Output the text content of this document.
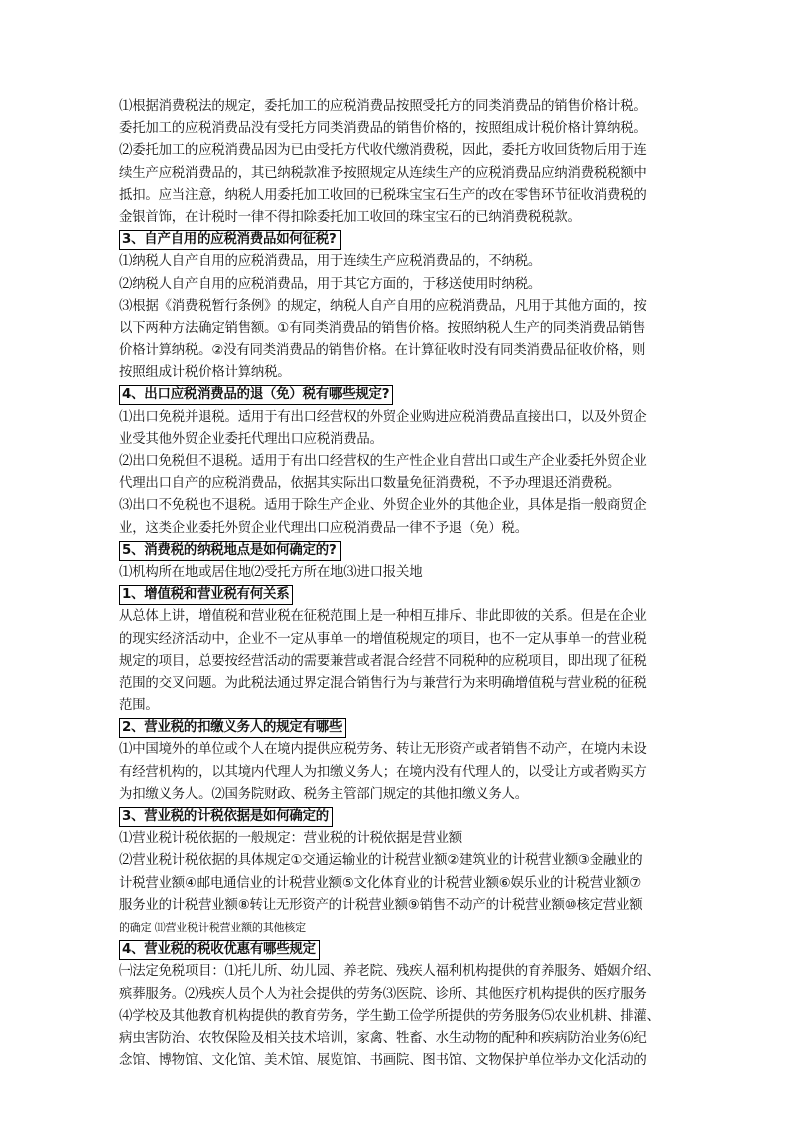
⑴根据消费税法的规定，委托加工的应税消费品按照受托方的同类消费品的销售价格计税。
委托加工的应税消费品没有受托方同类消费品的销售价格的，按照组成计税价格计算纳税。
⑵委托加工的应税消费品因为已由受托方代收代缴消费税，因此，委托方收回货物后用于连
续生产应税消费品的，其已纳税款准予按照规定从连续生产的应税消费品应纳消费税税额中
抵扣。应当注意，纳税人用委托加工收回的已税珠宝宝石生产的改在零售环节征收消费税的
金银首饰，在计税时一律不得扣除委托加工收回的珠宝宝石的已纳消费税税款。
3、自产自用的应税消费品如何征税?
⑴纳税人自产自用的应税消费品，用于连续生产应税消费品的，不纳税。
⑵纳税人自产自用的应税消费品，用于其它方面的，于移送使用时纳税。
⑶根据《消费税暂行条例》的规定，纳税人自产自用的应税消费品，凡用于其他方面的，按
以下两种方法确定销售额。①有同类消费品的销售价格。按照纳税人生产的同类消费品销售
价格计算纳税。②没有同类消费品的销售价格。在计算征收时没有同类消费品征收价格，则
按照组成计税价格计算纳税。
4、出口应税消费品的退（免）税有哪些规定?
⑴出口免税并退税。适用于有出口经营权的外贸企业购进应税消费品直接出口，以及外贸企
业受其他外贸企业委托代理出口应税消费品。
⑵出口免税但不退税。适用于有出口经营权的生产性企业自营出口或生产企业委托外贸企业
代理出口自产的应税消费品，依据其实际出口数量免征消费税，不予办理退还消费税。
⑶出口不免税也不退税。适用于除生产企业、外贸企业外的其他企业，具体是指一般商贸企
业，这类企业委托外贸企业代理出口应税消费品一律不予退（免）税。
5、消费税的纳税地点是如何确定的?
⑴机构所在地或居住地⑵受托方所在地⑶进口报关地
1、增值税和营业税有何关系
从总体上讲，增值税和营业税在征税范围上是一种相互排斥、非此即彼的关系。但是在企业
的现实经济活动中，企业不一定从事单一的增值税规定的项目，也不一定从事单一的营业税
规定的项目，总要按经营活动的需要兼营或者混合经营不同税种的应税项目，即出现了征税
范围的交叉问题。为此税法通过界定混合销售行为与兼营行为来明确增值税与营业税的征税
范围。
2、营业税的扣缴义务人的规定有哪些
⑴中国境外的单位或个人在境内提供应税劳务、转让无形资产或者销售不动产，在境内未设
有经营机构的，以其境内代理人为扣缴义务人；在境内没有代理人的，以受让方或者购买方
为扣缴义务人。⑵国务院财政、税务主管部门规定的其他扣缴义务人。
3、营业税的计税依据是如何确定的
⑴营业税计税依据的一般规定：营业税的计税依据是营业额
⑵营业税计税依据的具体规定①交通运输业的计税营业额②建筑业的计税营业额③金融业的
计税营业额④邮电通信业的计税营业额⑤文化体育业的计税营业额⑥娱乐业的计税营业额⑦
服务业的计税营业额⑧转让无形资产的计税营业额⑨销售不动产的计税营业额⑩核定营业额
的确定 ⑾营业税计税营业额的其他核定
4、营业税的税收优惠有哪些规定
㈠法定免税项目：⑴托儿所、幼儿园、养老院、残疾人福利机构提供的育养服务、婚姻介绍、
殡葬服务。⑵残疾人员个人为社会提供的劳务⑶医院、诊所、其他医疗机构提供的医疗服务
⑷学校及其他教育机构提供的教育劳务，学生勤工俭学所提供的劳务服务⑸农业机耕、排灌、
病虫害防治、农牧保险及相关技术培训，家禽、牲畜、水生动物的配种和疾病防治业务⑹纪
念馆、博物馆、文化馆、美术馆、展览馆、书画院、图书馆、文物保护单位举办文化活动的
